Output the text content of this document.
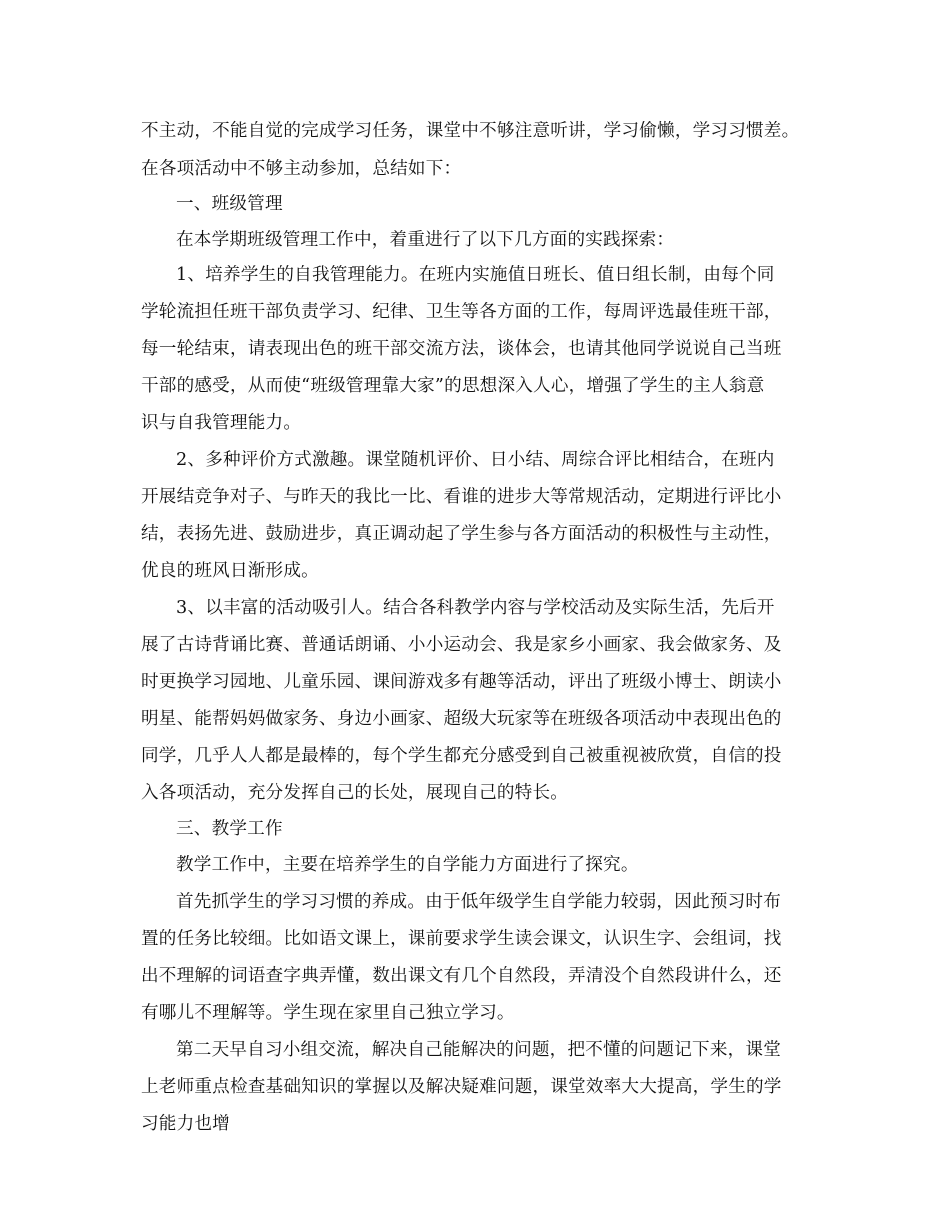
不主动，不能自觉的完成学习任务，课堂中不够注意听讲，学习偷懒，学习习惯差。
在各项活动中不够主动参加，总结如下：
一、班级管理
在本学期班级管理工作中，着重进行了以下几方面的实践探索：
1、培养学生的自我管理能力。在班内实施值日班长、值日组长制，由每个同
学轮流担任班干部负责学习、纪律、卫生等各方面的工作，每周评选最佳班干部，
每一轮结束，请表现出色的班干部交流方法，谈体会，也请其他同学说说自己当班
干部的感受，从而使“班级管理靠大家”的思想深入人心，增强了学生的主人翁意
识与自我管理能力。
2、多种评价方式激趣。课堂随机评价、日小结、周综合评比相结合，在班内
开展结竞争对子、与昨天的我比一比、看谁的进步大等常规活动，定期进行评比小
结，表扬先进、鼓励进步，真正调动起了学生参与各方面活动的积极性与主动性，
优良的班风日渐形成。
3、以丰富的活动吸引人。结合各科教学内容与学校活动及实际生活，先后开
展了古诗背诵比赛、普通话朗诵、小小运动会、我是家乡小画家、我会做家务、及
时更换学习园地、儿童乐园、课间游戏多有趣等活动，评出了班级小博士、朗读小
明星、能帮妈妈做家务、身边小画家、超级大玩家等在班级各项活动中表现出色的
同学，几乎人人都是最棒的，每个学生都充分感受到自己被重视被欣赏，自信的投
入各项活动，充分发挥自己的长处，展现自己的特长。
三、教学工作
教学工作中，主要在培养学生的自学能力方面进行了探究。
首先抓学生的学习习惯的养成。由于低年级学生自学能力较弱，因此预习时布
置的任务比较细。比如语文课上，课前要求学生读会课文，认识生字、会组词，找
出不理解的词语查字典弄懂，数出课文有几个自然段，弄清没个自然段讲什么，还
有哪儿不理解等。学生现在家里自己独立学习。
第二天早自习小组交流，解决自己能解决的问题，把不懂的问题记下来，课堂
上老师重点检查基础知识的掌握以及解决疑难问题，课堂效率大大提高，学生的学
习能力也增
